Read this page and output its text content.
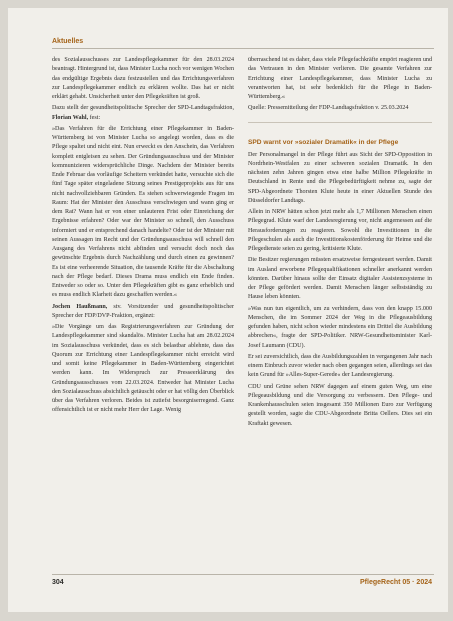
Aktuelles

des Sozialausschusses zur Landespflegekammer für den 28.03.2024 beantragt. Hintergrund ist, dass Minister Lucha noch vor wenigen Wochen das endgültige Ergebnis dazu festzustellen und das Errichtungsverfahren zur Landespflegekammer endlich zu erklären wollte. Das hat er nicht erklärt gehabt. Unsicherheit unter den Pflegekräften ist groß.

Dazu stellt der gesundheitspolitische Sprecher der SPD-Landtagsfraktion, Florian Wahl, fest:

»Das Verfahren für die Errichtung einer Pflegekammer in Baden-Württemberg ist von Minister Lucha so angelegt worden, dass es die Pflege spaltet und nicht eint. Nun erweckt es den Anschein, das Verfahren komplett entgleisen zu sehen. Der Gründungsausschuss und der Minister kommunizieren widersprüchliche Dinge. Nachdem der Minister bereits Ende Februar das vorläufige Scheitern verkündet hatte, versuchte sich die fünf Tage später eingeladene Sitzung seines Prestigeprojekts aus für uns nicht nachvollziehbaren Gründen. Es stehen schwerwiegende Fragen im Raum: Hat der Minister den Ausschuss verschwiegen und wann ging er dem Rat? Wann hat er von einer unlauteren Frist oder Einreichung der Ergebnisse erfahren? Oder war der Minister so schnell, den Ausschuss informiert und er entsprechend danach handelte? Oder ist der Minister mit seinen Aussagen im Recht und der Gründungsausschuss will schnell den Ausgang des Verfahrens nicht abfinden und versucht doch noch das gewünschte Ergebnis durch Nachzählung und durch einen zu gewinnen? Es ist eine verheerende Situation, die tausende Kräfte für die Abschaltung nach der Pflege bedarf. Dieses Drama muss endlich ein Ende finden. Entweder so oder so. Unter den Pflegekräften gibt es ganz erheblich und es muss endlich Klarheit dazu geschaffen werden.«

Jochen Haußmann, stv. Vorsitzender und gesundheitspolitischer Sprecher der FDP/DVP-Fraktion, ergänzt:

»Die Vorgänge um das Registrierungsverfahren zur Gründung der Landespflegekammer sind skandalös. Minister Lucha hat am 28.02.2024 im Sozialausschuss verkündet, dass es sich belastbar ablehnte, dass das Quorum zur Errichtung einer Landespflegekammer nicht erreicht wird und somit keine Pflegekammer in Baden-Württemberg eingerichtet werden kann. Im Widerspruch zur Presseerklärung des Gründungsausschusses vom 22.03.2024. Entweder hat Minister Lucha den Sozialausschuss absichtlich getäuscht oder er hat völlig den Überblick über das Verfahren verloren. Beides ist zutiefst besorgniserregend. Ganz offensichtlich ist er nicht mehr Herr der Lage. Wenig

überraschend ist es daher, dass viele Pflegefachkräfte empört reagieren und das Vertrauen in den Minister verlieren. Die gesamte Verfahren zur Errichtung einer Landespflegekammer, dass Minister Lucha zu verantworten hat, ist sehr bedenklich für die Pflege in Baden-Württemberg.«

Quelle: Pressemitteilung der FDP-Landtagsfraktion v. 25.03.2024

SPD warnt vor »sozialer Dramatik« in der Pflege

Der Personalmangel in der Pflege führt aus Sicht der SPD-Opposition in Nordrhein-Westfalen zu einer schweren sozialen Dramatik. In den nächsten zehn Jahren gingen etwa eine halbe Million Pflegekräfte in Deutschland in Rente und die Pflegebedürftigkeit nehme zu, sagte der SPD-Abgeordnete Thorsten Klute heute in einer Aktuellen Stunde des Düsseldorfer Landtags.

Allein in NRW hätten schon jetzt mehr als 1,7 Millionen Menschen einen Pflegegrad. Klute warf der Landesregierung vor, nicht angemessen auf die Herausforderungen zu reagieren. Sowohl die Investitionen in die Pflegeschulen als auch die Investitionskostenförderung für Heime und die Pflegedienste seien zu gering, kritisierte Klute.

Die Besitzer regierungen müssten ersatzweise ferngesteuert werden. Damit im Ausland erworbene Pflegequalifikationen schneller anerkannt werden könnten. Darüber hinaus sollte der Einsatz digitaler Assistenzsysteme in der Pflege gefördert werden. Damit Menschen länger selbstständig zu Hause leben könnten.

»Was nun tun eigentlich, um zu verhindern, dass von den knapp 15.000 Menschen, die im Sommer 2024 der Weg in die Pflegeausbildung gefunden haben, nicht schon wieder mindestens ein Drittel die Ausbildung abbrechen«, fragte der SPD-Politiker. NRW-Gesundheitsminister Karl-Josef Laumann (CDU).

Er sei zuversichtlich, dass die Ausbildungszahlen in vergangenen Jahr nach einem Einbruch zuvor wieder nach oben gegangen seien, allerdings sei das kein Grund für »Alles-Super-Gerede« der Landesregierung.

CDU und Grüne sehen NRW dagegen auf einem guten Weg, um eine Pflegeausbildung und die Versorgung zu verbessern. Den Pflege- und Krankenhausschulen seien insgesamt 350 Millionen Euro zur Verfügung gestellt worden, sagte die CDU-Abgeordnete Britta Oellers. Dies sei ein Kraftakt gewesen.

304	PflegeRecht 05 · 2024
